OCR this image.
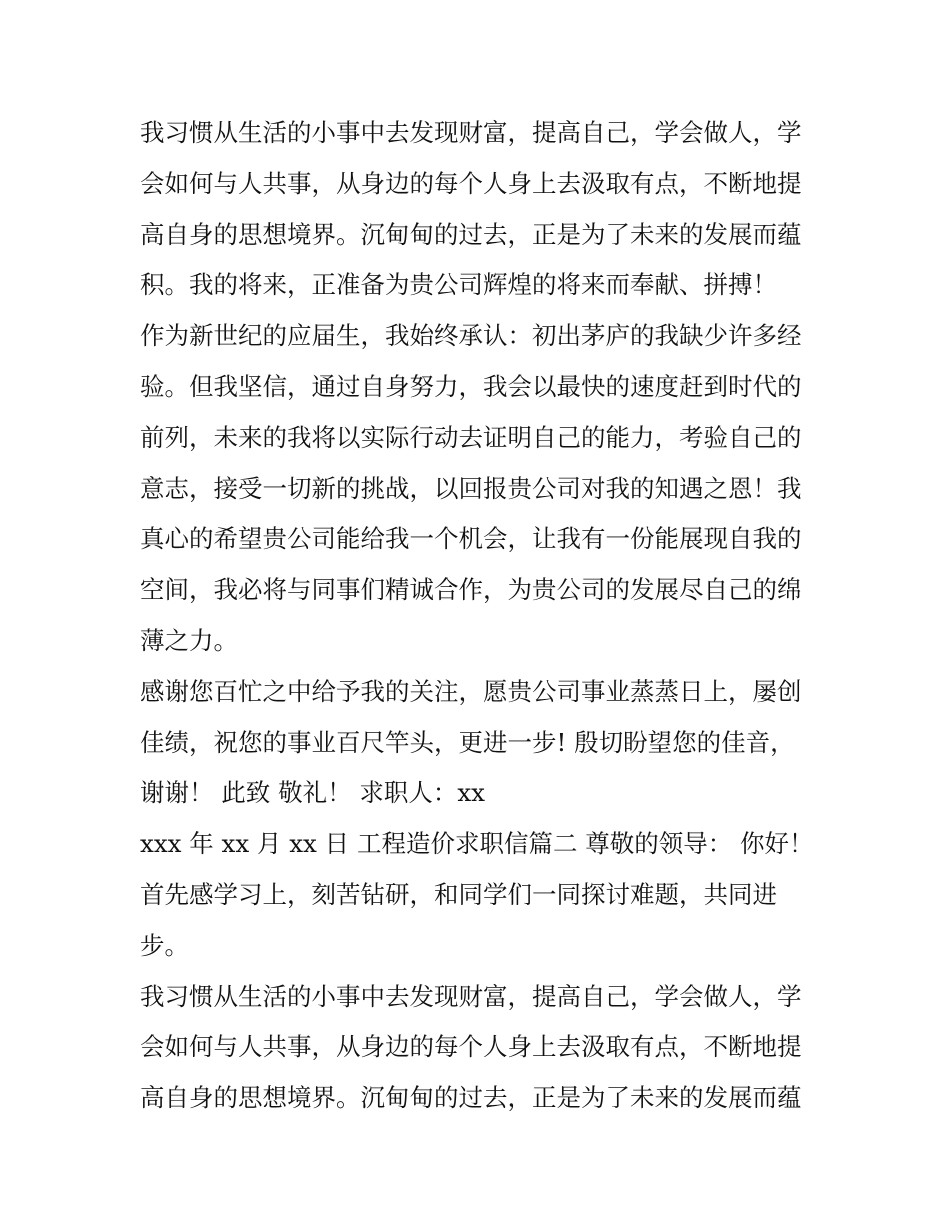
我习惯从生活的小事中去发现财富，提高自己，学会做人，学
会如何与人共事，从身边的每个人身上去汲取有点，不断地提
高自身的思想境界。沉甸甸的过去，正是为了未来的发展而蕴
积。我的将来，正准备为贵公司辉煌的将来而奉献、拼搏！
作为新世纪的应届生，我始终承认：初出茅庐的我缺少许多经
验。但我坚信，通过自身努力，我会以最快的速度赶到时代的
前列，未来的我将以实际行动去证明自己的能力，考验自己的
意志，接受一切新的挑战，以回报贵公司对我的知遇之恩！我
真心的希望贵公司能给我一个机会，让我有一份能展现自我的
空间，我必将与同事们精诚合作，为贵公司的发展尽自己的绵
薄之力。
感谢您百忙之中给予我的关注，愿贵公司事业蒸蒸日上，屡创
佳绩，祝您的事业百尺竿头，更进一步! 殷切盼望您的佳音，
谢谢！ 此致 敬礼！ 求职人：xx
xxx 年 xx 月 xx 日 工程造价求职信篇二 尊敬的领导： 你好！
首先感学习上，刻苦钻研，和同学们一同探讨难题，共同进
步。
我习惯从生活的小事中去发现财富，提高自己，学会做人，学
会如何与人共事，从身边的每个人身上去汲取有点，不断地提
高自身的思想境界。沉甸甸的过去，正是为了未来的发展而蕴
